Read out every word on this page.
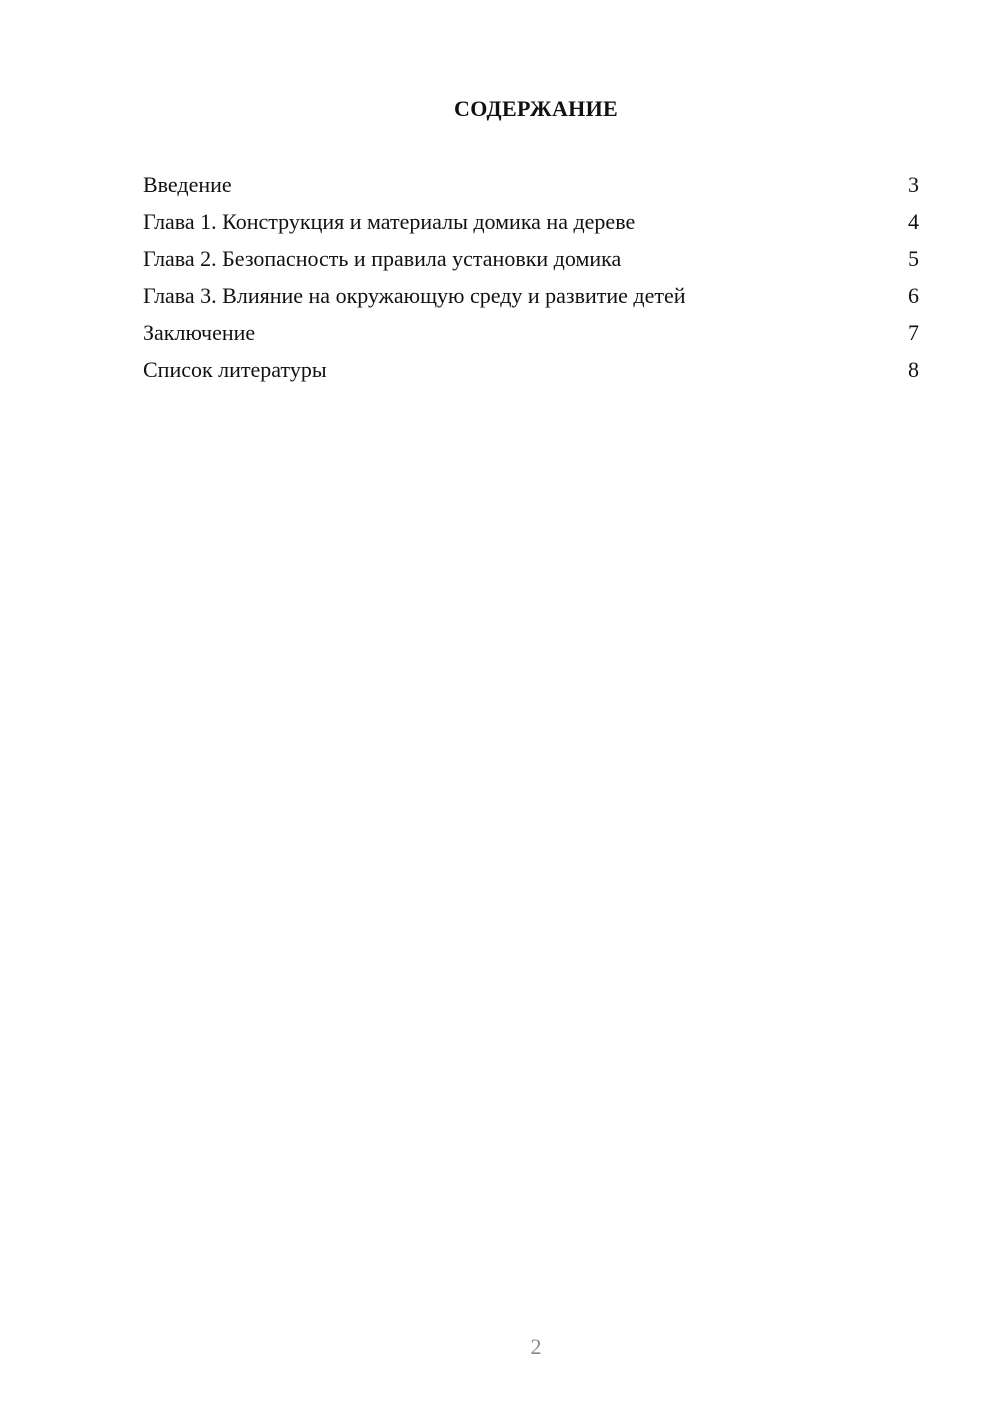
СОДЕРЖАНИЕ
Введение	3
Глава 1. Конструкция и материалы домика на дереве	4
Глава 2. Безопасность и правила установки домика	5
Глава 3. Влияние на окружающую среду и развитие детей	6
Заключение	7
Список литературы	8
2
